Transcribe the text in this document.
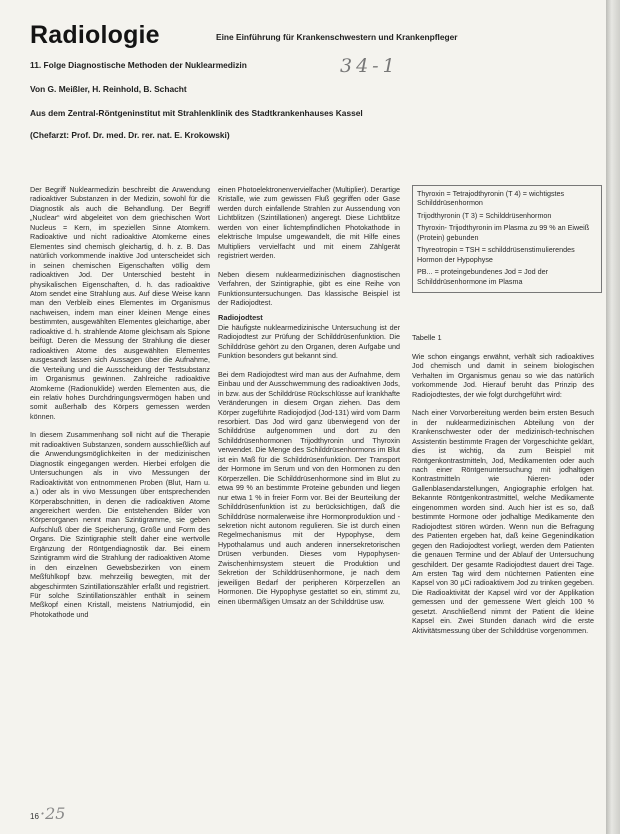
Radiologie	Eine Einführung für Krankenschwestern und Krankenpfleger
11. Folge Diagnostische Methoden der Nuklearmedizin	34-1
Von G. Meißler, H. Reinhold, B. Schacht
Aus dem Zentral-Röntgeninstitut mit Strahlenklinik des Stadtkrankenhauses Kassel
(Chefarzt: Prof. Dr. med. Dr. rer. nat. E. Krokowski)

Der Begriff Nuklearmedizin beschreibt die Anwendung radioaktiver Substanzen in der Medizin, sowohl für die Diagnostik als auch die Behandlung. Der Begriff „Nuclear“ wird abgeleitet von dem griechischen Wort Nucleus = Kern, im speziellen Sinne Atomkern. Radioaktive und nicht radioaktive Atomkerne eines Elementes sind chemisch gleichartig, d. h. z. B. Das natürlich vorkommende inaktive Jod unterscheidet sich in seinen chemischen Eigenschaften völlig dem radioaktiven Jod. Der Unterschied besteht in physikalischen Eigenschaften, d. h. das radioaktive Atom sendet eine Strahlung aus. Auf diese Weise kann man den Verbleib eines Elementes im Organismus nachweisen, indem man einer kleinen Menge eines bestimmten, ausgewählten Elementes gleichartige, aber radioaktive d. h. strahlende Atome gleichsam als Spione beifügt. Deren die Messung der Strahlung die dieser radioaktiven Atome des ausgewählten Elementes ausgesandt lassen sich Aussagen über die Aufnahme, die Verteilung und die Ausscheidung der Testsubstanz im Organismus gewinnen. Zahlreiche radioaktive Atomkerne (Radionuklide) werden Elementen aus, die ein relativ hohes Durchdringungsvermögen haben und somit außerhalb des Körpers gemessen werden können.

In diesem Zusammenhang soll nicht auf die Therapie mit radioaktiven Substanzen, sondern ausschließlich auf die Anwendungsmöglichkeiten in der medizinischen Diagnostik eingegangen werden. Hierbei erfolgen die Untersuchungen als in vivo Messungen der Radioaktivität von entnommenen Proben (Blut, Harn u. a.) oder als in vivo Messungen über entsprechenden Körperabschnitten, in denen die radioaktiven Atome angereichert werden. Die entstehenden Bilder von Körperorganen nennt man Szintigramme, sie geben Aufschluß über die Speicherung, Größe und Form des Organs. Die Szintigraphie stellt daher eine wertvolle Ergänzung der Röntgendiagnostik dar. Bei einem Szintigramm wird die Strahlung der radioaktiven Atome in den einzelnen Gewebsbezirken von einem Meßfühlkopf bzw. mehrzeilig bewegten, mit der abgeschirmten Szintillationszähler erfaßt und registriert. Für solche Szintillationszähler enthält in seinem Meßkopf einen Kristall, meistens Natriumjodid, ein Photokathode und

einen Photoelektronenvervielfacher (Multiplier). Derartige Kristalle, wie zum gewissen Fluß gegriffen oder Gase werden durch einfallende Strahlen zur Aussendung von Lichtblitzen (Szintillationen) angeregt. Diese Lichtblitze werden von einer lichtempfindlichen Photokathode in elektrische Impulse umgewandelt, die mit Hilfe eines Multipliers vervielfacht und mit einem Zählgerät registriert werden.

Neben diesem nuklearmedizinischen diagnostischen Verfahren, der Szintigraphie, gibt es eine Reihe von Funktionsuntersuchungen. Das klassische Beispiel ist der Radiojodtest.

Radiojodtest

Die häufigste nuklearmedizinische Untersuchung ist der Radiojodtest zur Prüfung der Schilddrüsenfunktion. Die Schilddrüse gehört zu den Organen, deren Aufgabe und Funktion besonders gut bekannt sind.

Bei dem Radiojodtest wird man aus der Aufnahme, dem Einbau und der Ausschwemmung des radioaktiven Jods, in bzw. aus der Schilddrüse Rückschlüsse auf krankhafte Veränderungen in diesem Organ ziehen. Das dem Körper zugeführte Radiojodjod (Jod-131) wird vom Darm resorbiert. Das Jod wird ganz überwiegend von der Schilddrüse aufgenommen und dort zu den Schilddrüsenhormonen Trijodthyronin und Thyroxin verwendet. Die Menge des Schilddrüsenhormons im Blut ist ein Maß für die Schilddrüsenfunktion. Der Transport der Hormone im Serum und von den Hormonen zu den Körperzellen. Die Schilddrüsenhormone sind im Blut zu etwa 99 % an bestimmte Proteine gebunden und liegen nur etwa 1 % in freier Form vor. Bei der Beurteilung der Schilddrüsenfunktion ist zu berücksichtigen, daß die Schilddrüse normalerweise ihre Hormonproduktion und -sekretion nicht autonom regulieren. Sie ist durch einen Regelmechanismus mit der Hypophyse, dem Hypothalamus und auch anderen innersekretorischen Drüsen verbunden. Dieses vom Hypophysen-Zwischenhirnsystem steuert die Produktion und Sekretion der Schilddrüsenhormone, je nach dem jeweiligen Bedarf der peripheren Körperzellen an Hormonen. Die Hypophyse gestattet so ein, stimmt zu, einen übermäßigen Umsatz an der Schilddrüse usw.

Thyroxin = Tetrajodthyronin (T 4) = wichtigstes Schilddrüsenhormon

Trijodthyronin (T 3) = Schilddrüsenhormon

Thyroxin- Trijodthyronin im Plasma zu 99 % an Eiweiß (Protein) gebunden

Thyreotropin = TSH = schilddrüsenstimulierendes Hormon der Hypophyse

PB... = proteingebundenes Jod = Jod der Schilddrüsenhormone im Plasma

Tabelle 1

Wie schon eingangs erwähnt, verhält sich radioaktives Jod chemisch und damit in seinem biologischen Verhalten im Organismus genau so wie das natürlich vorkommende Jod. Hierauf beruht das Prinzip des Radiojodtestes, der wie folgt durchgeführt wird:

Nach einer Vorvorbereitung werden beim ersten Besuch in der nuklearmedizinischen Abteilung von der Krankenschwester oder der medizinisch-technischen Assistentin bestimmte Fragen der Vorgeschichte geklärt, dies ist wichtig, da zum Beispiel mit Röntgenkontrastmitteln, Jod, Medikamenten oder auch nach einer Röntgenuntersuchung mit jodhaltigen Kontrastmitteln wie Nieren- oder Gallenblasendarstellungen, Angiographie erfolgen hat. Bekannte Röntgenkontrastmittel, welche Medikamente eingenommen worden sind. Auch hier ist es so, daß bestimmte Hormone oder jodhaltige Medikamente den Radiojodtest stören würden. Wenn nun die Befragung des Patienten ergeben hat, daß keine Gegenindikation gegen den Radiojodtest vorliegt, werden dem Patienten die genauen Termine und der Ablauf der Untersuchung geschildert. Der gesamte Radiojodtest dauert drei Tage. Am ersten Tag wird dem nüchternen Patienten eine Kapsel von 30 µCi radioaktivem Jod zu trinken gegeben. Die Radioaktivität der Kapsel wird vor der Applikation gemessen und der gemessene Wert gleich 100 % gesetzt. Anschließend nimmt der Patient die kleine Kapsel ein. Zwei Stunden danach wird die erste Aktivitätsmessung über der Schilddrüse vorgenommen.

16 ·25
